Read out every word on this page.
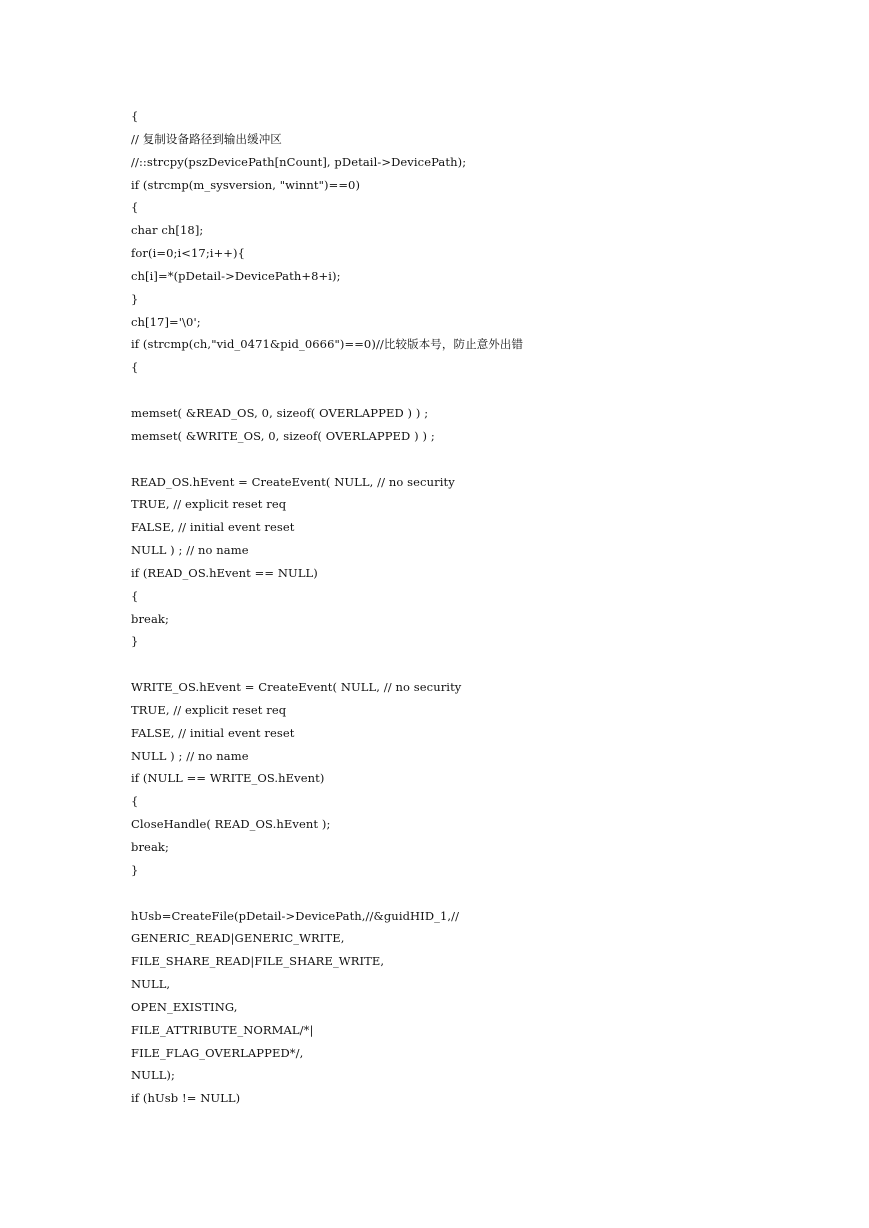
{
// 复制设备路径到输出缓冲区
//::strcpy(pszDevicePath[nCount], pDetail->DevicePath);
if (strcmp(m_sysversion, "winnt")==0)
{
char ch[18];
for(i=0;i<17;i++){
ch[i]=*(pDetail->DevicePath+8+i);
}
ch[17]='\0';
if (strcmp(ch,"vid_0471&pid_0666")==0)//比较版本号，防止意外出错
{
memset( &READ_OS, 0, sizeof( OVERLAPPED ) ) ;
memset( &WRITE_OS, 0, sizeof( OVERLAPPED ) ) ;
READ_OS.hEvent = CreateEvent( NULL, // no security
TRUE, // explicit reset req
FALSE, // initial event reset
NULL ) ; // no name
if (READ_OS.hEvent == NULL)
{
break;
}
WRITE_OS.hEvent = CreateEvent( NULL, // no security
TRUE, // explicit reset req
FALSE, // initial event reset
NULL ) ; // no name
if (NULL == WRITE_OS.hEvent)
{
CloseHandle( READ_OS.hEvent );
break;
}
hUsb=CreateFile(pDetail->DevicePath,//&guidHID_1,//
GENERIC_READ|GENERIC_WRITE,
FILE_SHARE_READ|FILE_SHARE_WRITE,
NULL,
OPEN_EXISTING,
FILE_ATTRIBUTE_NORMAL/*|
FILE_FLAG_OVERLAPPED*/,
NULL);
if (hUsb != NULL)
